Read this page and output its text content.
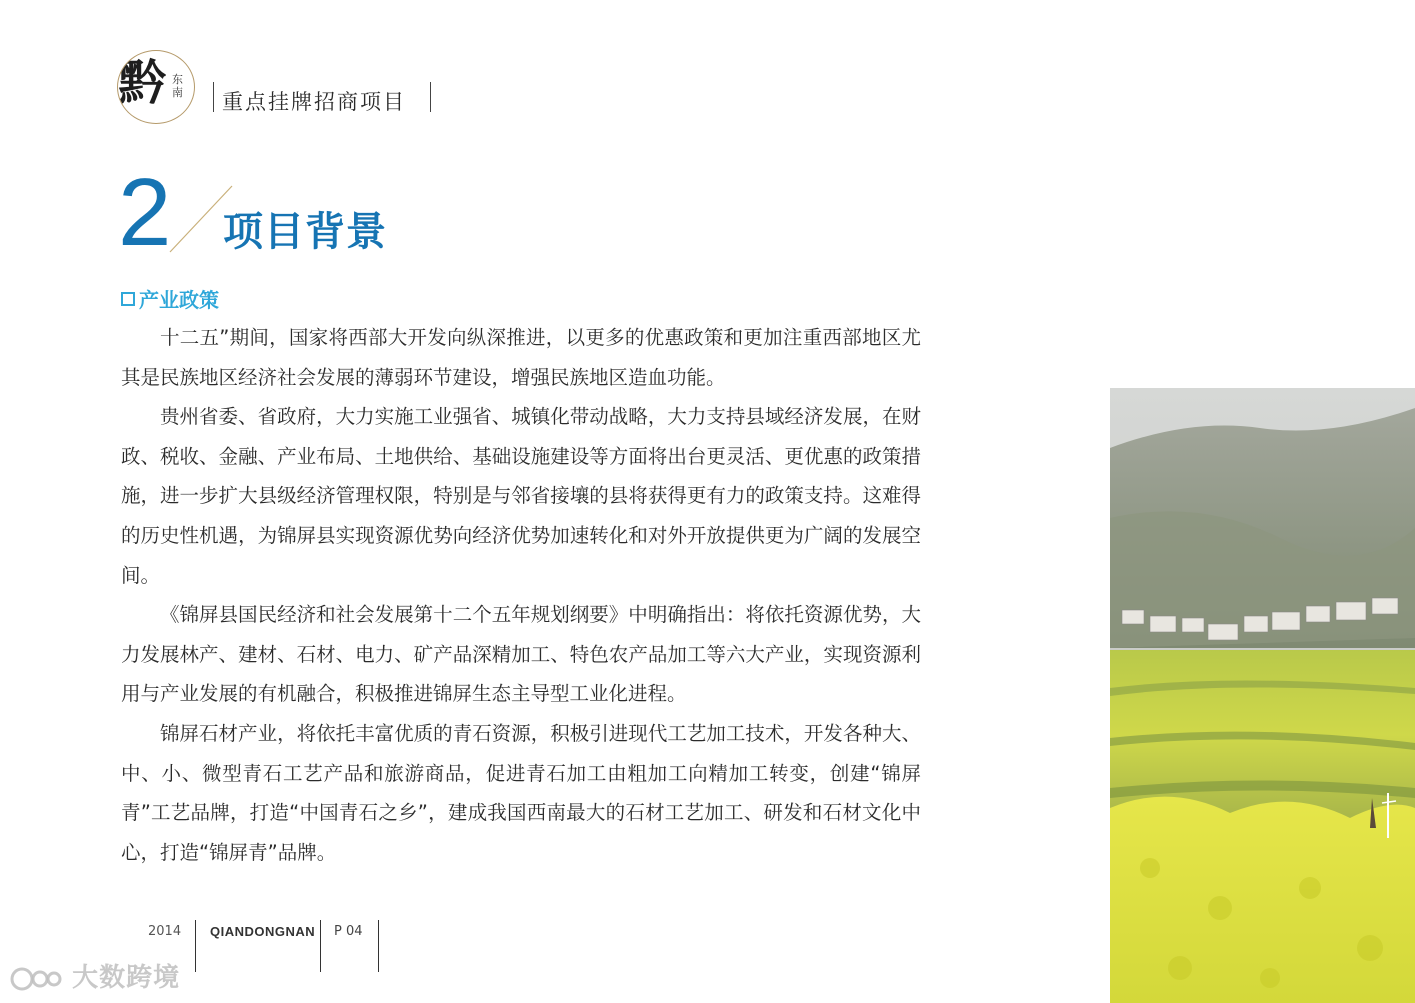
黔 东南 重点挂牌招商项目
2 项目背景
产业政策

十二五”期间，国家将西部大开发向纵深推进，以更多的优惠政策和更加注重西部地区尤其是民族地区经济社会发展的薄弱环节建设，增强民族地区造血功能。

贵州省委、省政府，大力实施工业强省、城镇化带动战略，大力支持县域经济发展，在财政、税收、金融、产业布局、土地供给、基础设施建设等方面将出台更灵活、更优惠的政策措施，进一步扩大县级经济管理权限，特别是与邻省接壤的县将获得更有力的政策支持。这难得的历史性机遇，为锦屏县实现资源优势向经济优势加速转化和对外开放提供更为广阔的发展空间。

《锦屏县国民经济和社会发展第十二个五年规划纲要》中明确指出：将依托资源优势，大力发展林产、建材、石材、电力、矿产品深精加工、特色农产品加工等六大产业，实现资源利用与产业发展的有机融合，积极推进锦屏生态主导型工业化进程。

锦屏石材产业，将依托丰富优质的青石资源，积极引进现代工艺加工技术，开发各种大、中、小、微型青石工艺产品和旅游商品，促进青石加工由粗加工向精加工转变，创建“锦屏青”工艺品牌，打造“中国青石之乡”，建成我国西南最大的石材工艺加工、研发和石材文化中心，打造“锦屏青”品牌。

2014 QIANDONGNAN P 04
大数跨境
